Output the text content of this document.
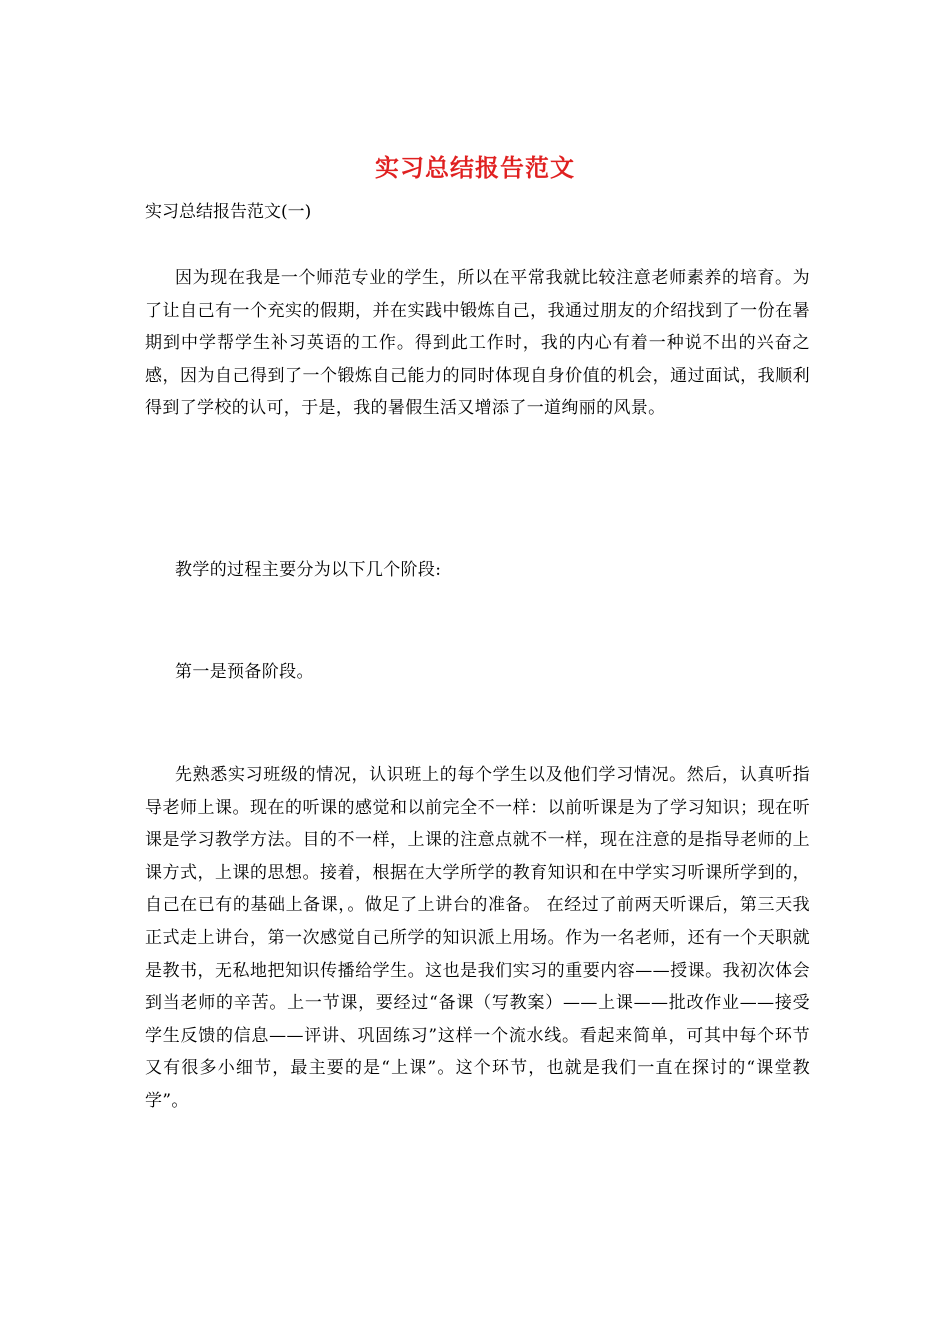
实习总结报告范文
实习总结报告范文(一)
因为现在我是一个师范专业的学生，所以在平常我就比较注意老师素养的培育。为了让自己有一个充实的假期，并在实践中锻炼自己，我通过朋友的介绍找到了一份在暑期到中学帮学生补习英语的工作。得到此工作时，我的内心有着一种说不出的兴奋之感，因为自己得到了一个锻炼自己能力的同时体现自身价值的机会，通过面试，我顺利得到了学校的认可，于是，我的暑假生活又增添了一道绚丽的风景。
教学的过程主要分为以下几个阶段:
第一是预备阶段。
先熟悉实习班级的情况，认识班上的每个学生以及他们学习情况。然后，认真听指导老师上课。现在的听课的感觉和以前完全不一样：以前听课是为了学习知识；现在听课是学习教学方法。目的不一样，上课的注意点就不一样，现在注意的是指导老师的上课方式，上课的思想。接着，根据在大学所学的教育知识和在中学实习听课所学到的，自己在已有的基础上备课，。做足了上讲台的准备。 在经过了前两天听课后，第三天我正式走上讲台，第一次感觉自己所学的知识派上用场。作为一名老师，还有一个天职就是教书，无私地把知识传播给学生。这也是我们实习的重要内容——授课。我初次体会到当老师的辛苦。上一节课，要经过“备课（写教案）——上课——批改作业——接受学生反馈的信息——评讲、巩固练习”这样一个流水线。看起来简单，可其中每个环节又有很多小细节，最主要的是“上课”。这个环节，也就是我们一直在探讨的“课堂教学”。
